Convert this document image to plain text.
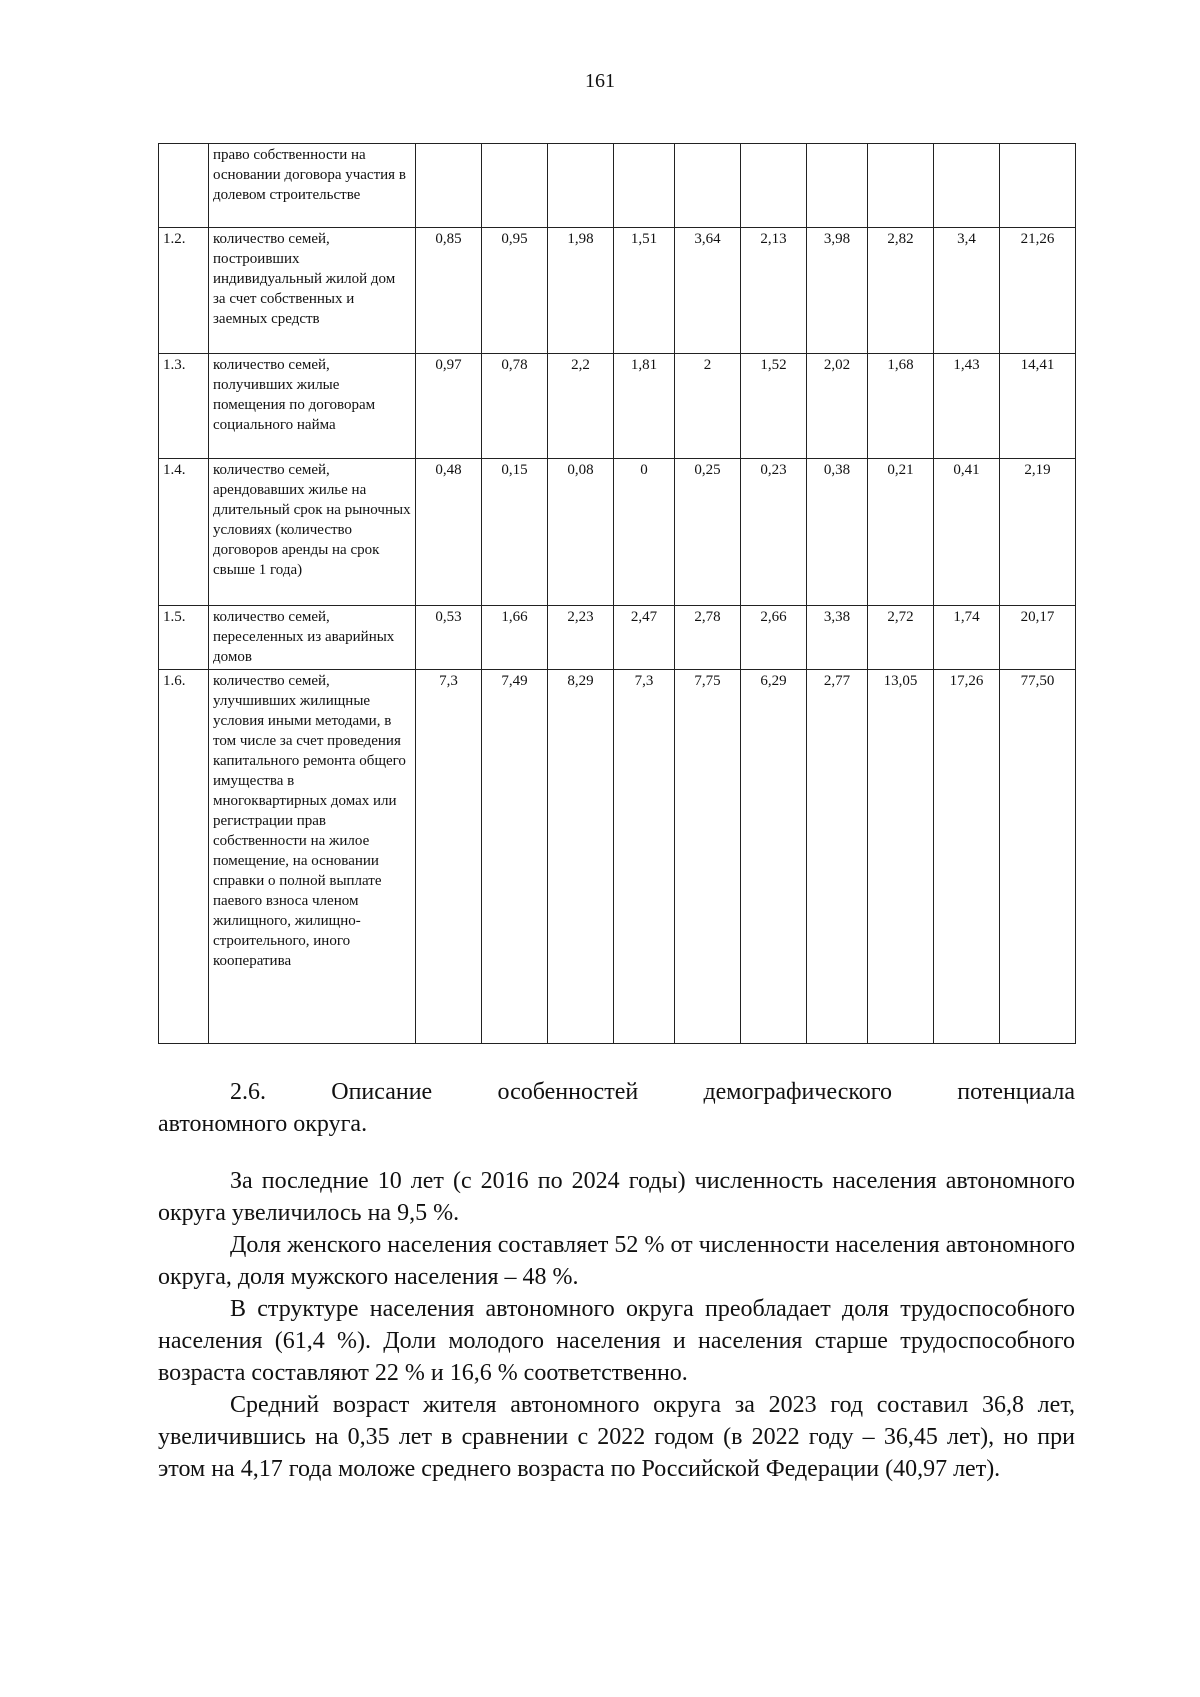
161
	право собственности на основании договора участия в долевом строительстве										
1.2.	количество семей, построивших индивидуальный жилой дом за счет собственных и заемных средств	0,85	0,95	1,98	1,51	3,64	2,13	3,98	2,82	3,4	21,26
1.3.	количество семей, получивших жилые помещения по договорам социального найма	0,97	0,78	2,2	1,81	2	1,52	2,02	1,68	1,43	14,41
1.4.	количество семей, арендовавших жилье на длительный срок на рыночных условиях (количество договоров аренды на срок свыше 1 года)	0,48	0,15	0,08	0	0,25	0,23	0,38	0,21	0,41	2,19
1.5.	количество семей, переселенных из аварийных домов	0,53	1,66	2,23	2,47	2,78	2,66	3,38	2,72	1,74	20,17
1.6.	количество семей, улучшивших жилищные условия иными методами, в том числе за счет проведения капитального ремонта общего имущества в многоквартирных домах или регистрации прав собственности на жилое помещение, на основании справки о полной выплате паевого взноса членом жилищного, жилищно-строительного, иного кооператива	7,3	7,49	8,29	7,3	7,75	6,29	2,77	13,05	17,26	77,50
2.6.	Описание	особенностей	демографического	потенциала
автономного округа.

За последние 10 лет (с 2016 по 2024 годы) численность населения автономного округа увеличилось на 9,5 %.

Доля женского населения составляет 52 % от численности населения автономного округа, доля мужского населения – 48 %.

В структуре населения автономного округа преобладает доля трудоспособного населения (61,4 %). Доли молодого населения и населения старше трудоспособного возраста составляют 22 % и 16,6 % соответственно.

Средний возраст жителя автономного округа за 2023 год составил 36,8 лет, увеличившись на 0,35 лет в сравнении с 2022 годом (в 2022 году – 36,45 лет), но при этом на 4,17 года моложе среднего возраста по Российской Федерации (40,97 лет).
